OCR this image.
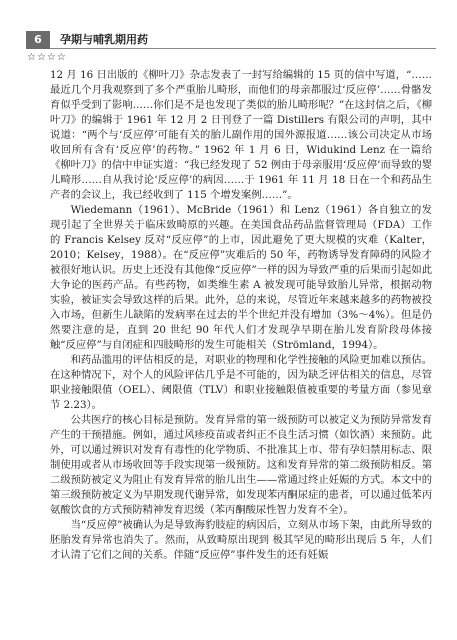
6	孕期与哺乳期用药
☆☆☆☆

12 月 16 日出版的《柳叶刀》杂志发表了一封写给编辑的 15 页的信中写道，“……最近几个月我观察到了多个严重胎儿畸形，而他们的母亲都服过‘反应停’……骨骼发育似乎受到了影响……你们是不是也发现了类似的胎儿畸形呢？”在这封信之后，《柳叶刀》的编辑于 1961 年 12 月 2 日刊登了一篇 Distillers 有限公司的声明，其中说道：“两个与‘反应停’可能有关的胎儿副作用的国外源报道……该公司决定从市场收回所有含有‘反应停’的药物。” 1962 年 1 月 6 日，Widukind Lenz 在一篇给《柳叶刀》的信中申证实道：“我已经发现了 52 例由于母亲服用‘反应停’而导致的婴儿畸形……自从我讨论‘反应停’的病因……于 1961 年 11 月 18 日在一个和药品生产者的会议上，我已经收到了 115 个增发案例……”。

Wiedemann（1961）、McBride（1961）和 Lenz（1961）各自独立的发现引起了全世界关于临床致畸原的兴趣。在美国食品药品监督管理局（FDA）工作的 Francis Kelsey 反对“反应停”的上市，因此避免了更大规模的灾难（Kalter，2010；Kelsey，1988）。在“反应停”灾难后的 50 年，药物诱导发育障碍的风险才被很好地认识。历史上还没有其他像“反应停”一样的因为导致严重的后果而引起如此大争论的医药产品。有些药物，如类维生素 A 被发现可能导致胎儿异常，根据动物实验，被证实会导致这样的后果。此外，总的来说，尽管近年来越来越多的药物被投入市场，但新生儿缺陷的发病率在过去的半个世纪并没有增加（3%～4%）。但是仍然要注意的是，直到 20 世纪 90 年代人们才发现孕早期在胎儿发育阶段母体接触“反应停”与自闭症和四肢畸形的发生可能相关（Strömland，1994）。

和药品滥用的评估相反的是，对职业的物理和化学性接触的风险更加难以预估。在这种情况下，对个人的风险评估几乎是不可能的，因为缺乏评估相关的信息，尽管职业接触限值（OEL）、阈限值（TLV）和职业接触限值被重要的考量方面（参见章节 2.23）。

公共医疗的核心目标是预防。发育异常的第一级预防可以被定义为预防异常发育产生的干预措施。例如，通过风疹疫苗或者纠正不良生活习惯（如饮酒）来预防。此外，可以通过辨识对发育有毒性的化学物质、不批准其上市、带有孕妇禁用标志、限制使用或者从市场收回等手段实现第一级预防。这和发育异常的第二级预防相反。第二级预防被定义为阻止有发育异常的胎儿出生——常通过终止妊娠的方式。本文中的第三级预防被定义为早期发现代谢异常，如发现苯丙酮尿症的患者，可以通过低苯丙氨酸饮食的方式预防精神发育迟缓（苯丙酮酸尿性智力发育不全）。

当“反应停”被确认为是导致海豹肢症的病因后，立刻从市场下架，由此所导致的胚胎发育异常也消失了。然而，从致畸原出现到 极其罕见的畸形出现后 5 年，人们才认清了它们之间的关系。伴随“反应停”事件发生的还有妊娠
